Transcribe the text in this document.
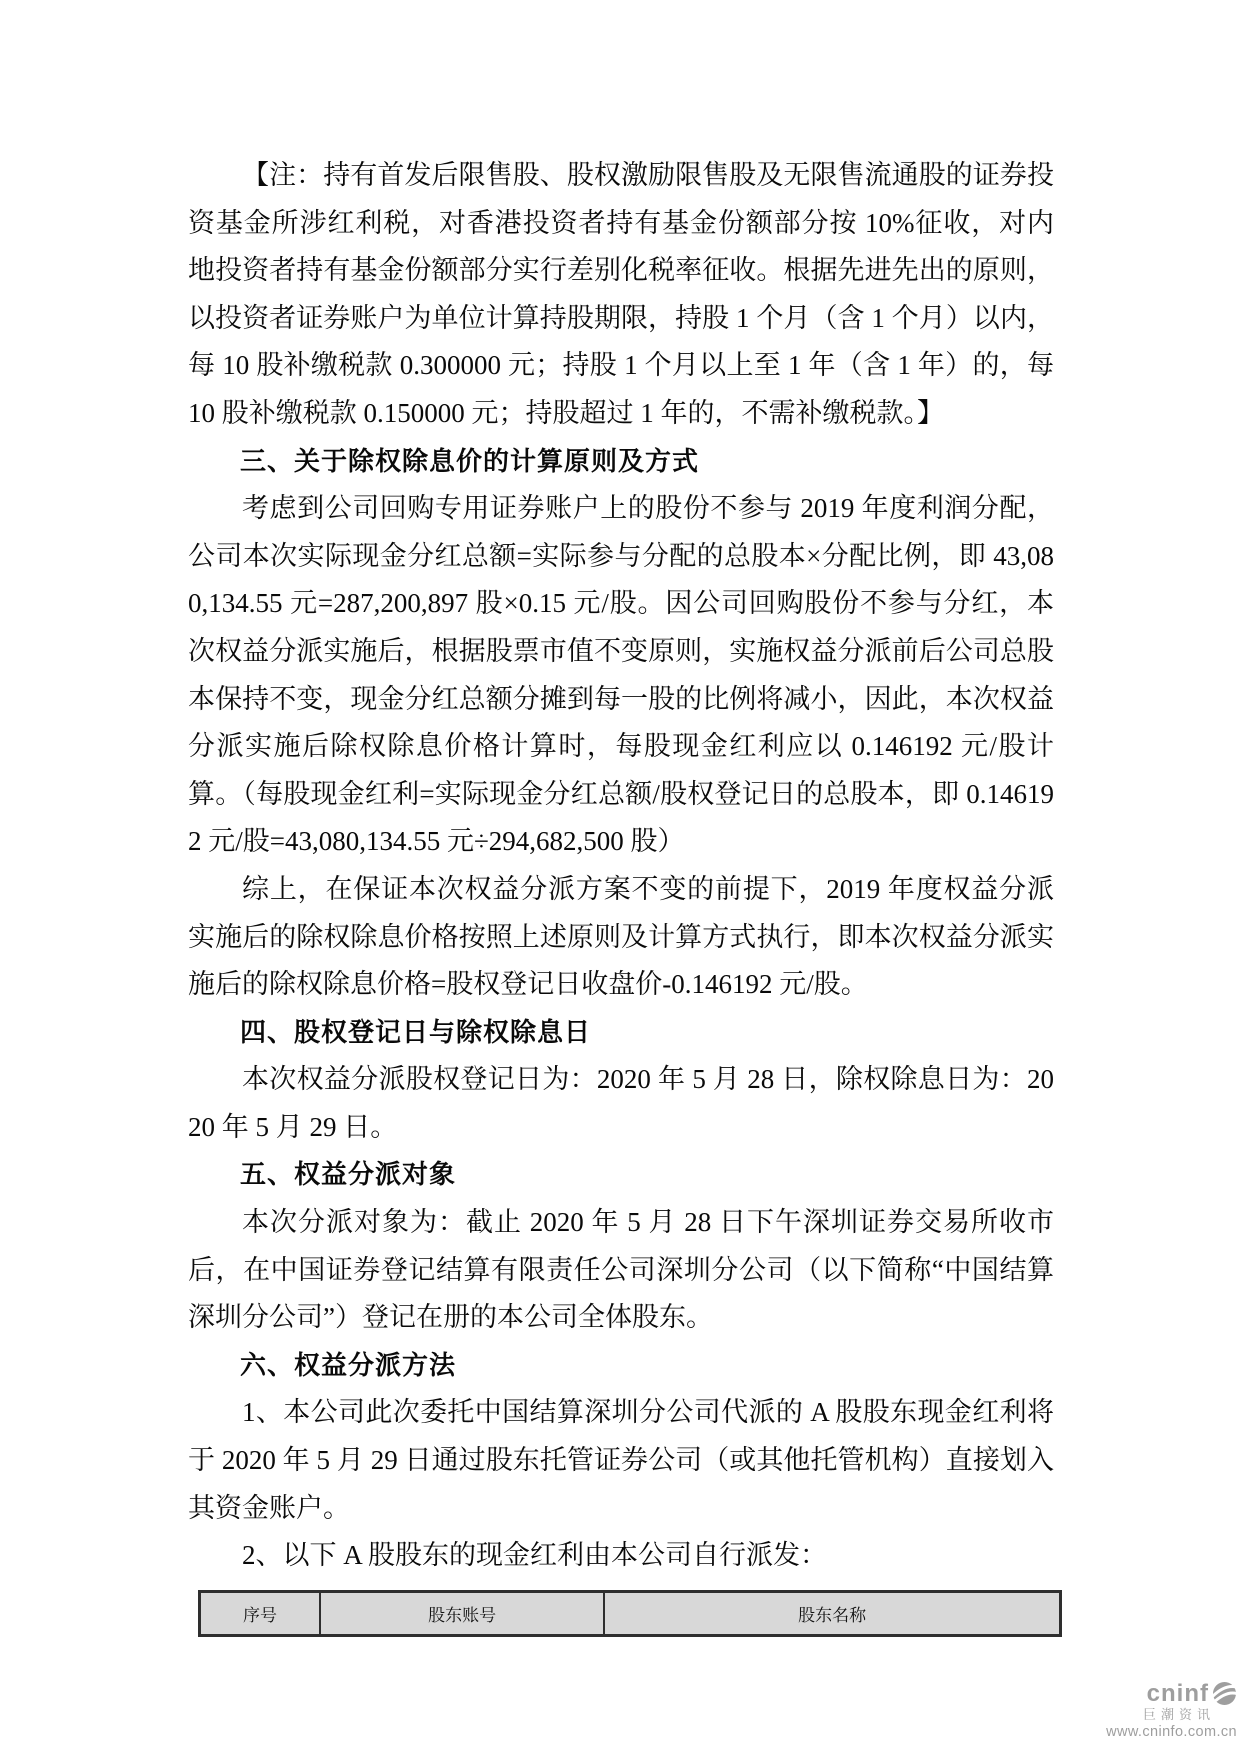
【注：持有首发后限售股、股权激励限售股及无限售流通股的证券投资基金所涉红利税，对香港投资者持有基金份额部分按 10%征收，对内地投资者持有基金份额部分实行差别化税率征收。根据先进先出的原则，以投资者证券账户为单位计算持股期限，持股 1 个月（含 1 个月）以内，每 10 股补缴税款 0.300000 元；持股 1 个月以上至 1 年（含 1 年）的，每 10 股补缴税款 0.150000 元；持股超过 1 年的，不需补缴税款。】

三、关于除权除息价的计算原则及方式

考虑到公司回购专用证券账户上的股份不参与 2019 年度利润分配，公司本次实际现金分红总额=实际参与分配的总股本×分配比例，即 43,080,134.55 元=287,200,897 股×0.15 元/股。因公司回购股份不参与分红，本次权益分派实施后，根据股票市值不变原则，实施权益分派前后公司总股本保持不变，现金分红总额分摊到每一股的比例将减小，因此，本次权益分派实施后除权除息价格计算时，每股现金红利应以 0.146192 元/股计算。（每股现金红利=实际现金分红总额/股权登记日的总股本，即 0.146192 元/股=43,080,134.55 元÷294,682,500 股）

综上，在保证本次权益分派方案不变的前提下，2019 年度权益分派实施后的除权除息价格按照上述原则及计算方式执行，即本次权益分派实施后的除权除息价格=股权登记日收盘价-0.146192 元/股。

四、股权登记日与除权除息日

本次权益分派股权登记日为：2020 年 5 月 28 日，除权除息日为：2020 年 5 月 29 日。

五、权益分派对象

本次分派对象为：截止 2020 年 5 月 28 日下午深圳证券交易所收市后，在中国证券登记结算有限责任公司深圳分公司（以下简称“中国结算深圳分公司”）登记在册的本公司全体股东。

六、权益分派方法

1、本公司此次委托中国结算深圳分公司代派的 A 股股东现金红利将于 2020 年 5 月 29 日通过股东托管证券公司（或其他托管机构）直接划入其资金账户。

2、以下 A 股股东的现金红利由本公司自行派发：

序号	股东账号	股东名称
cninf
巨潮资讯
www.cninfo.com.cn
